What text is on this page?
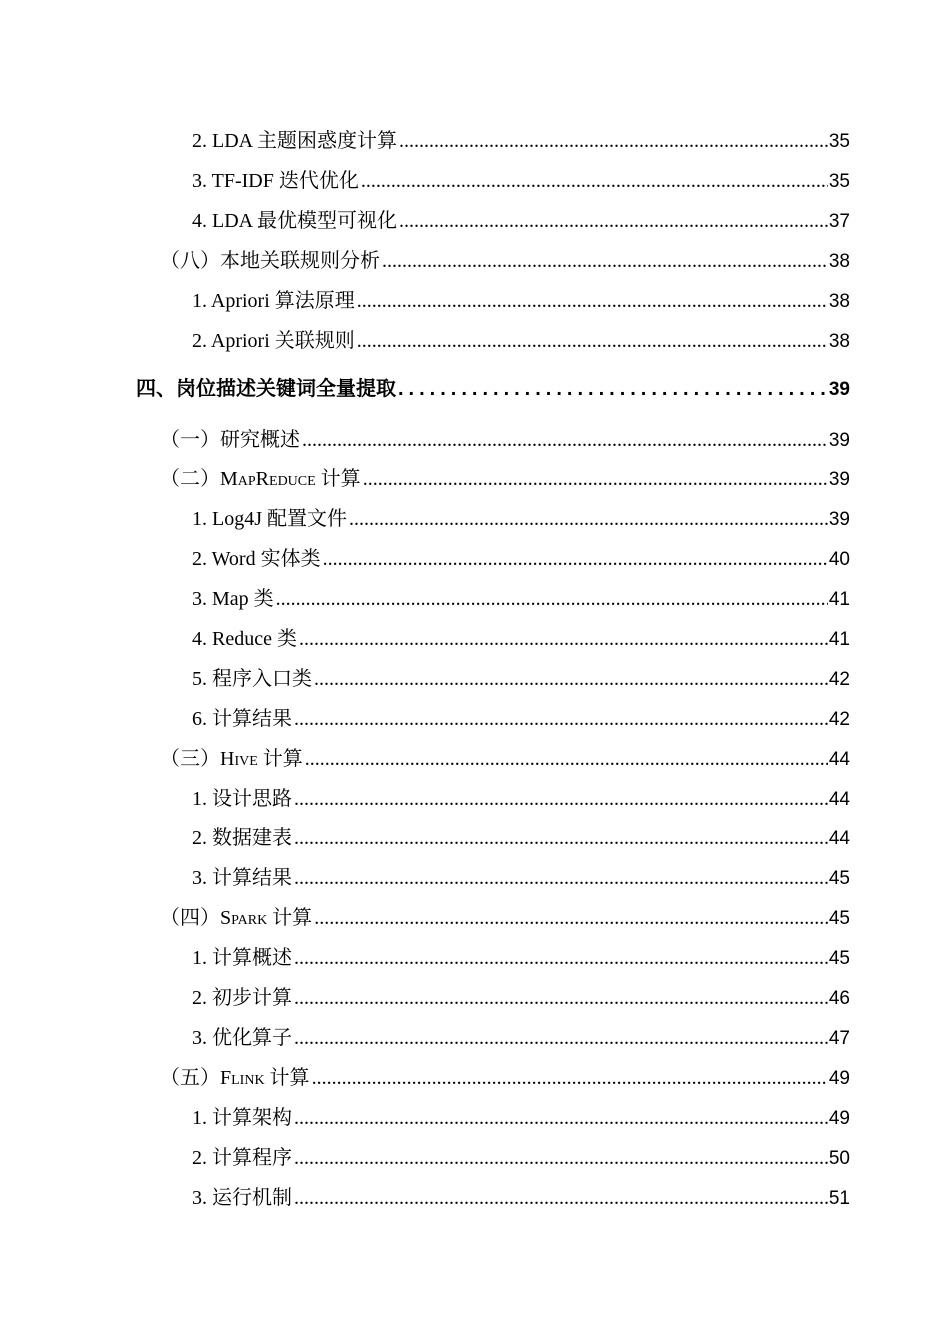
2. LDA 主题困惑度计算 .....	35
3. TF-IDF 迭代优化 .....	35
4. LDA 最优模型可视化 .....	37
（八）本地关联规则分析 .....	38
1. Apriori 算法原理 .....	38
2. Apriori 关联规则 .....	38
四、岗位描述关键词全量提取 .....	39
（一）研究概述 .....	39
（二）MapReduce 计算 .....	39
1. Log4J 配置文件 .....	39
2. Word 实体类 .....	40
3. Map 类 .....	41
4. Reduce 类 .....	41
5. 程序入口类 .....	42
6. 计算结果 .....	42
（三）Hive 计算 .....	44
1. 设计思路 .....	44
2. 数据建表 .....	44
3. 计算结果 .....	45
（四）Spark 计算 .....	45
1. 计算概述 .....	45
2. 初步计算 .....	46
3. 优化算子 .....	47
（五）Flink 计算 .....	49
1. 计算架构 .....	49
2. 计算程序 .....	50
3. 运行机制 .....	51
